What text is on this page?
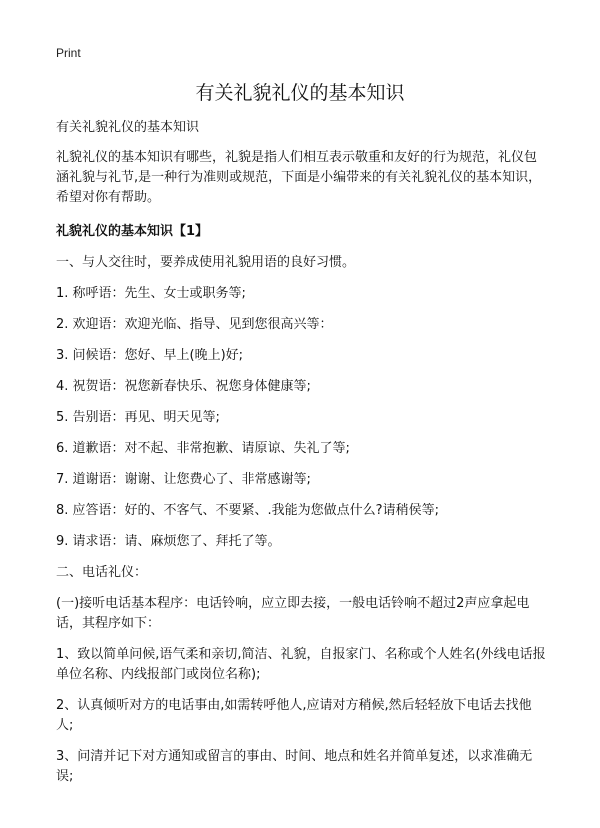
Print
有关礼貌礼仪的基本知识

有关礼貌礼仪的基本知识

礼貌礼仪的基本知识有哪些，礼貌是指人们相互表示敬重和友好的行为规范，礼仪包涵礼貌与礼节,是一种行为准则或规范，下面是小编带来的有关礼貌礼仪的基本知识，希望对你有帮助。

礼貌礼仪的基本知识【1】

一、与人交往时，要养成使用礼貌用语的良好习惯。

1. 称呼语：先生、女士或职务等;

2. 欢迎语：欢迎光临、指导、见到您很高兴等：

3. 问候语：您好、早上(晚上)好;

4. 祝贺语：祝您新春快乐、祝您身体健康等;

5. 告别语：再见、明天见等;

6. 道歉语：对不起、非常抱歉、请原谅、失礼了等;

7. 道谢语：谢谢、让您费心了、非常感谢等;

8. 应答语：好的、不客气、不要紧、.我能为您做点什么?请稍侯等;

9. 请求语：请、麻烦您了、拜托了等。

二、电话礼仪：

(一)接听电话基本程序：电话铃响，应立即去接，一般电话铃响不超过2声应拿起电话，其程序如下：

1、致以简单问候,语气柔和亲切,简洁、礼貌，自报家门、名称或个人姓名(外线电话报单位名称、内线报部门或岗位名称);

2、认真倾听对方的电话事由,如需转呼他人,应请对方稍候,然后轻轻放下电话去找他人;

3、问清并记下对方通知或留言的事由、时间、地点和姓名并简单复述，以求准确无误;
